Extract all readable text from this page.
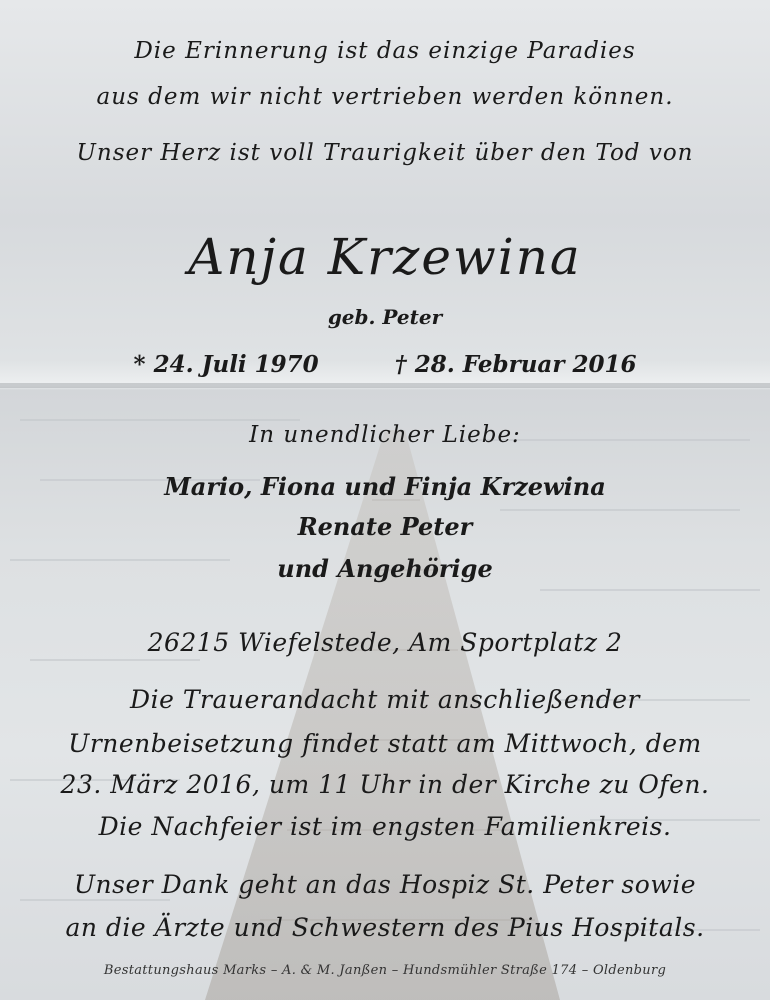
Die Erinnerung ist das einzige Paradies
aus dem wir nicht vertrieben werden können.
Unser Herz ist voll Traurigkeit über den Tod von
Anja Krzewina
geb. Peter
* 24. Juli 1970	† 28. Februar 2016
In unendlicher Liebe:
Mario, Fiona und Finja Krzewina
Renate Peter
und Angehörige
26215 Wiefelstede, Am Sportplatz 2
Die Trauerandacht mit anschließender
Urnenbeisetzung findet statt am Mittwoch, dem
23. März 2016, um 11 Uhr in der Kirche zu Ofen.
Die Nachfeier ist im engsten Familienkreis.
Unser Dank geht an das Hospiz St. Peter sowie
an die Ärzte und Schwestern des Pius Hospitals.
Bestattungshaus Marks – A. & M. Janßen – Hundsmühler Straße 174 – Oldenburg
